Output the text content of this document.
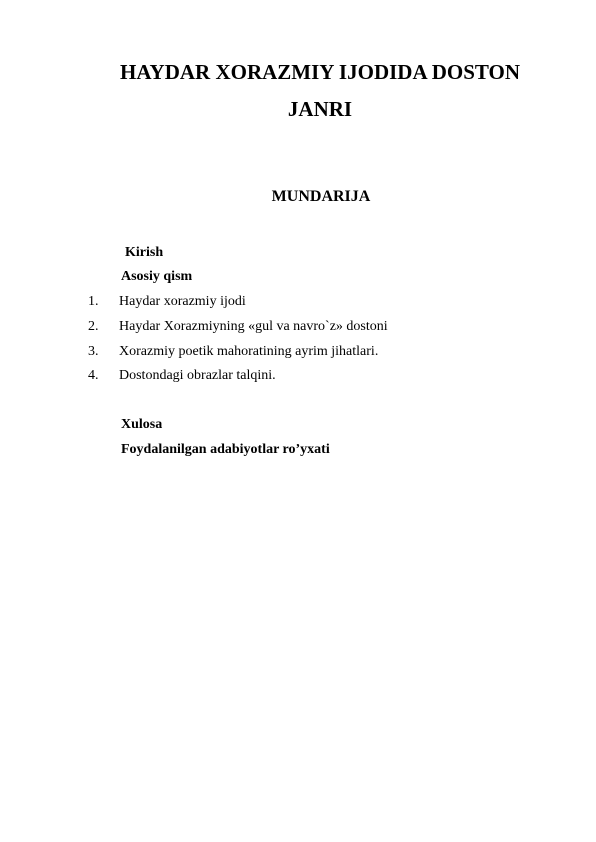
HAYDAR XORAZMIY IJODIDA DOSTON
JANRI
MUNDARIJA
Kirish
Asosiy qism
1. Haydar xorazmiy ijodi
2. Haydar Xorazmiyning «gul va navro`z» dostoni
3. Xorazmiy poetik mahoratining ayrim jihatlari.
4. Dostondagi obrazlar talqini.
Xulosa
Foydalanilgan adabiyotlar ro’yxati
